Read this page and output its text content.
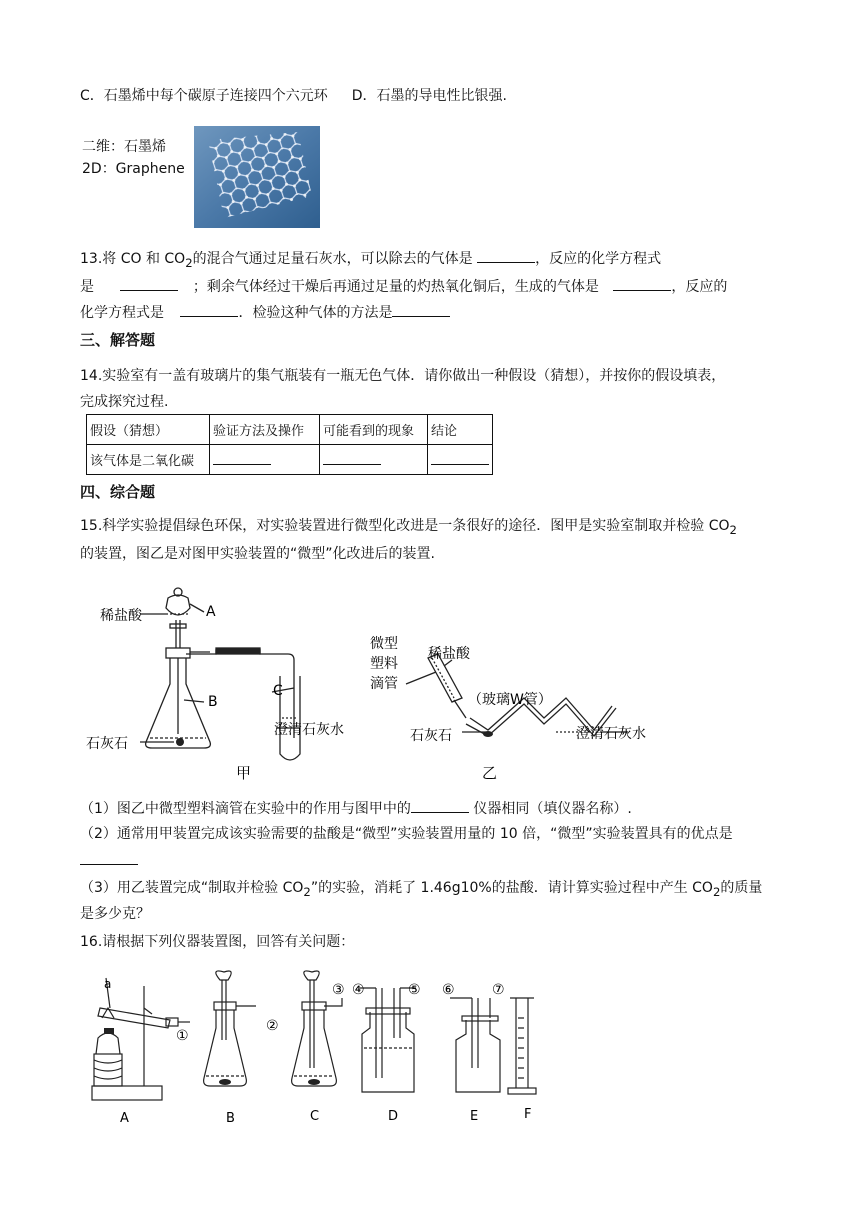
C．石墨烯中每个碳原子连接四个六元环 D．石墨的导电性比银强.
二维：石墨烯
2D：Graphene
13.将 CO 和 $CO_2$的混合气通过足量石灰水，可以除去的气体是	，反应的化学方程式
是	；剩余气体经过干燥后再通过足量的灼热氧化铜后，生成的气体是	，反应的
化学方程式是	．检验这种气体的方法是
三、解答题
14.实验室有一盖有玻璃片的集气瓶装有一瓶无色气体．请你做出一种假设（猜想），并按你的假设填表，
完成探究过程.
假设（猜想）	验证方法及操作	可能看到的现象	结论
该气体是二氧化碳			
四、综合题
15.科学实验提倡绿色环保，对实验装置进行微型化改进是一条很好的途径．图甲是实验室制取并检验 $CO_2$
的装置，图乙是对图甲实验装置的“微型”化改进后的装置.
稀盐酸	A
B
C
石灰石
澄清石灰水
甲
微型
塑料
滴管
稀盐酸
（玻璃W管）
石灰石	澄清石灰水
乙
（1）图乙中微型塑料滴管在实验中的作用与图甲中的	仪器相同（填仪器名称）.
（2）通常用甲装置完成该实验需要的盐酸是“微型”实验装置用量的 10 倍，“微型”实验装置具有的优点是
（3）用乙装置完成“制取并检验 $CO_2$”的实验，消耗了 1.46g10%的盐酸．请计算实验过程中产生 $CO_2$的质量
是多少克？
16.请根据下列仪器装置图，回答有关问题：
a
①
②
③ ④	⑤ ⑥	⑦
A	B	C	D	E	F
